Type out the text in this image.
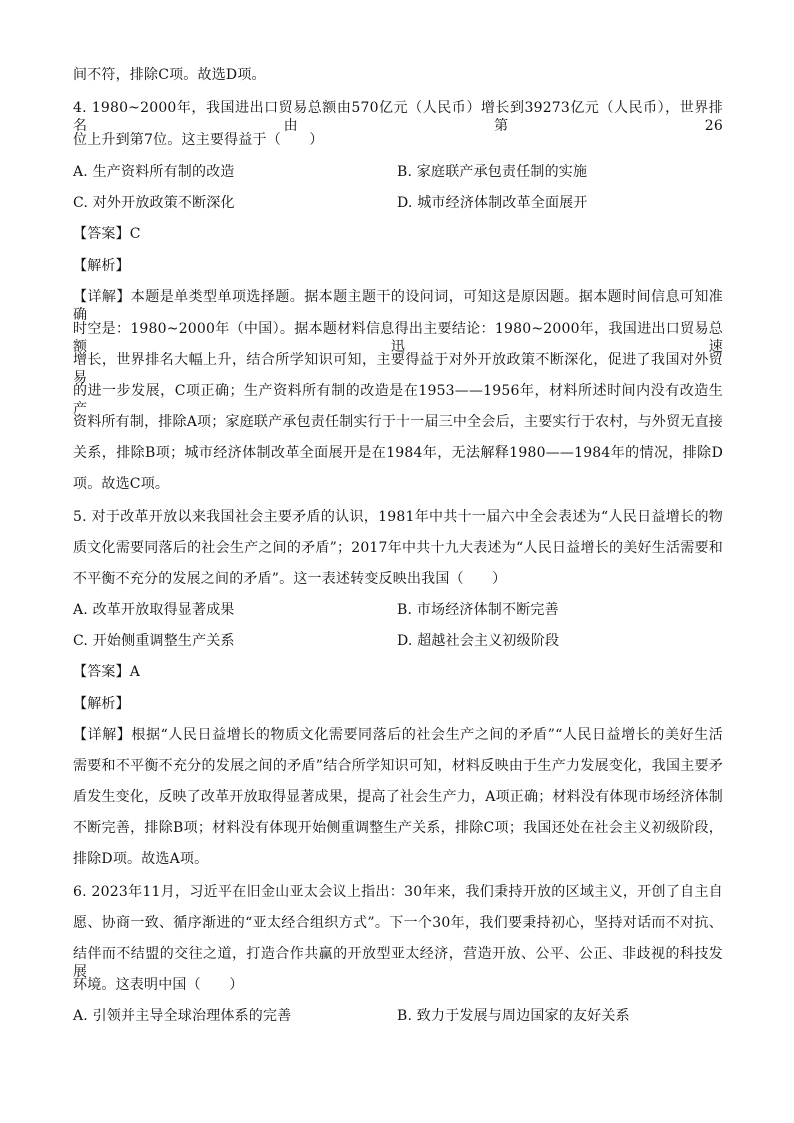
间不符，排除C项。故选D项。
4. 1980~2000年，我国进出口贸易总额由570亿元（人民币）增长到39273亿元（人民币），世界排名由第26
位上升到第7位。这主要得益于（　　）
A. 生产资料所有制的改造	B. 家庭联产承包责任制的实施
C. 对外开放政策不断深化	D. 城市经济体制改革全面展开
【答案】C
【解析】
【详解】本题是单类型单项选择题。据本题主题干的设问词，可知这是原因题。据本题时间信息可知准确
时空是：1980~2000年（中国）。据本题材料信息得出主要结论：1980~2000年，我国进出口贸易总额迅速
增长，世界排名大幅上升，结合所学知识可知，主要得益于对外开放政策不断深化，促进了我国对外贸易
的进一步发展，C项正确；生产资料所有制的改造是在1953——1956年，材料所述时间内没有改造生产
资料所有制，排除A项；家庭联产承包责任制实行于十一届三中全会后，主要实行于农村，与外贸无直接
关系，排除B项；城市经济体制改革全面展开是在1984年，无法解释1980——1984年的情况，排除D
项。故选C项。
5. 对于改革开放以来我国社会主要矛盾的认识，1981年中共十一届六中全会表述为“人民日益增长的物
质文化需要同落后的社会生产之间的矛盾”；2017年中共十九大表述为“人民日益增长的美好生活需要和
不平衡不充分的发展之间的矛盾”。这一表述转变反映出我国（　　）
A. 改革开放取得显著成果	B. 市场经济体制不断完善
C. 开始侧重调整生产关系	D. 超越社会主义初级阶段
【答案】A
【解析】
【详解】根据“人民日益增长的物质文化需要同落后的社会生产之间的矛盾”“人民日益增长的美好生活
需要和不平衡不充分的发展之间的矛盾”结合所学知识可知，材料反映由于生产力发展变化，我国主要矛
盾发生变化，反映了改革开放取得显著成果，提高了社会生产力，A项正确；材料没有体现市场经济体制
不断完善，排除B项；材料没有体现开始侧重调整生产关系，排除C项；我国还处在社会主义初级阶段，
排除D项。故选A项。
6. 2023年11月，习近平在旧金山亚太会议上指出：30年来，我们秉持开放的区域主义，开创了自主自
愿、协商一致、循序渐进的“亚太经合组织方式”。下一个30年，我们要秉持初心，坚持对话而不对抗、
结伴而不结盟的交往之道，打造合作共赢的开放型亚太经济，营造开放、公平、公正、非歧视的科技发展
环境。这表明中国（　　）
A. 引领并主导全球治理体系的完善	B. 致力于发展与周边国家的友好关系
